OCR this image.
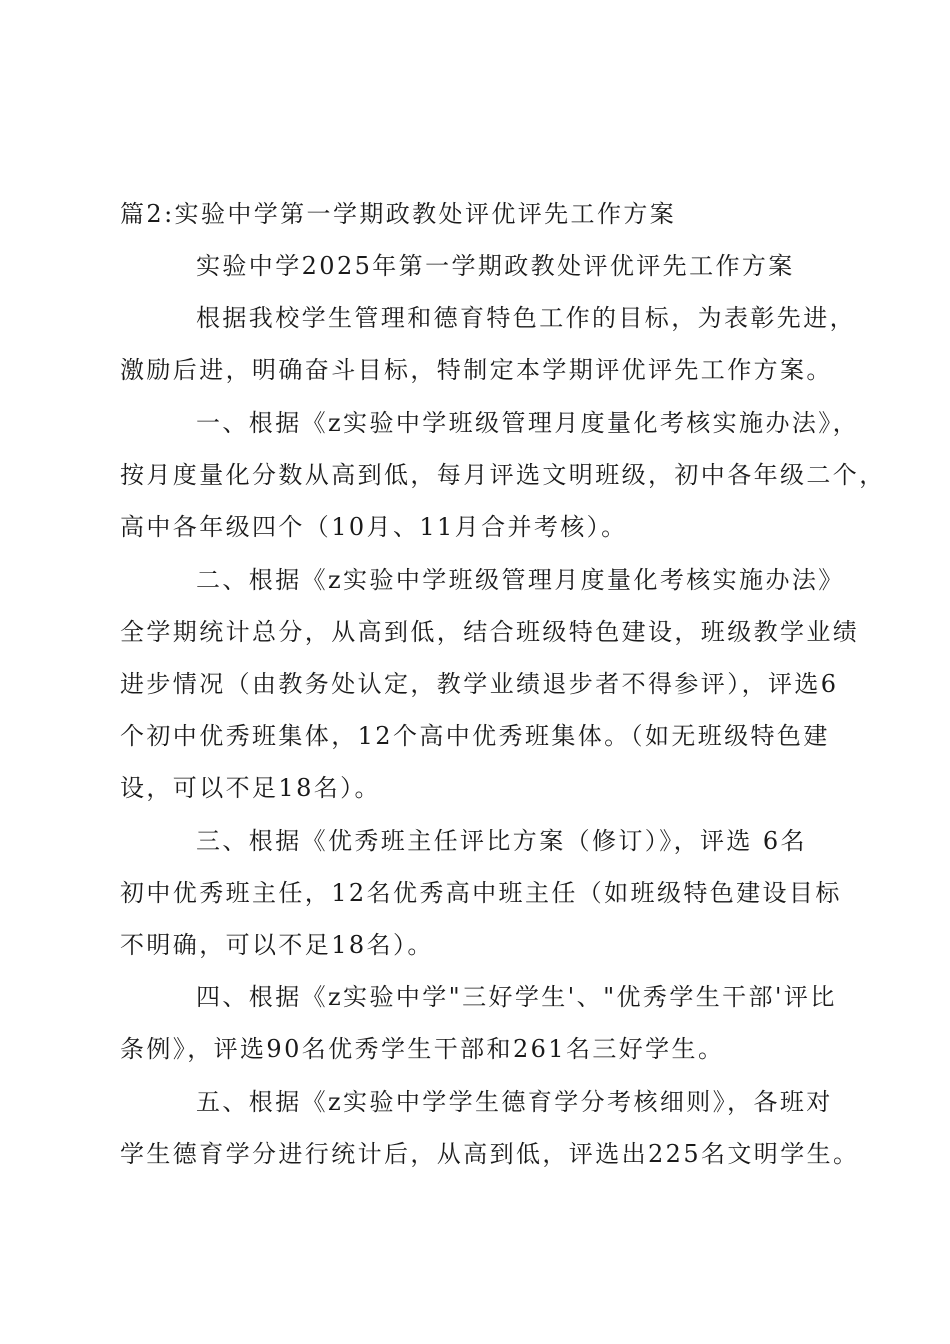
篇2:实验中学第一学期政教处评优评先工作方案

实验中学2025年第一学期政教处评优评先工作方案

根据我校学生管理和德育特色工作的目标，为表彰先进，

激励后进，明确奋斗目标，特制定本学期评优评先工作方案。

一、根据《z实验中学班级管理月度量化考核实施办法》，

按月度量化分数从高到低，每月评选文明班级，初中各年级二个，

高中各年级四个（10月、11月合并考核）。

二、根据《z实验中学班级管理月度量化考核实施办法》

全学期统计总分，从高到低，结合班级特色建设，班级教学业绩

进步情况（由教务处认定，教学业绩退步者不得参评），评选6

个初中优秀班集体，12个高中优秀班集体。（如无班级特色建

设，可以不足18名）。

三、根据《优秀班主任评比方案（修订）》，评选 6名

初中优秀班主任，12名优秀高中班主任（如班级特色建设目标

不明确，可以不足18名）。

四、根据《z实验中学"三好学生'、"优秀学生干部'评比

条例》，评选90名优秀学生干部和261名三好学生。

五、根据《z实验中学学生德育学分考核细则》，各班对

学生德育学分进行统计后，从高到低，评选出225名文明学生。
